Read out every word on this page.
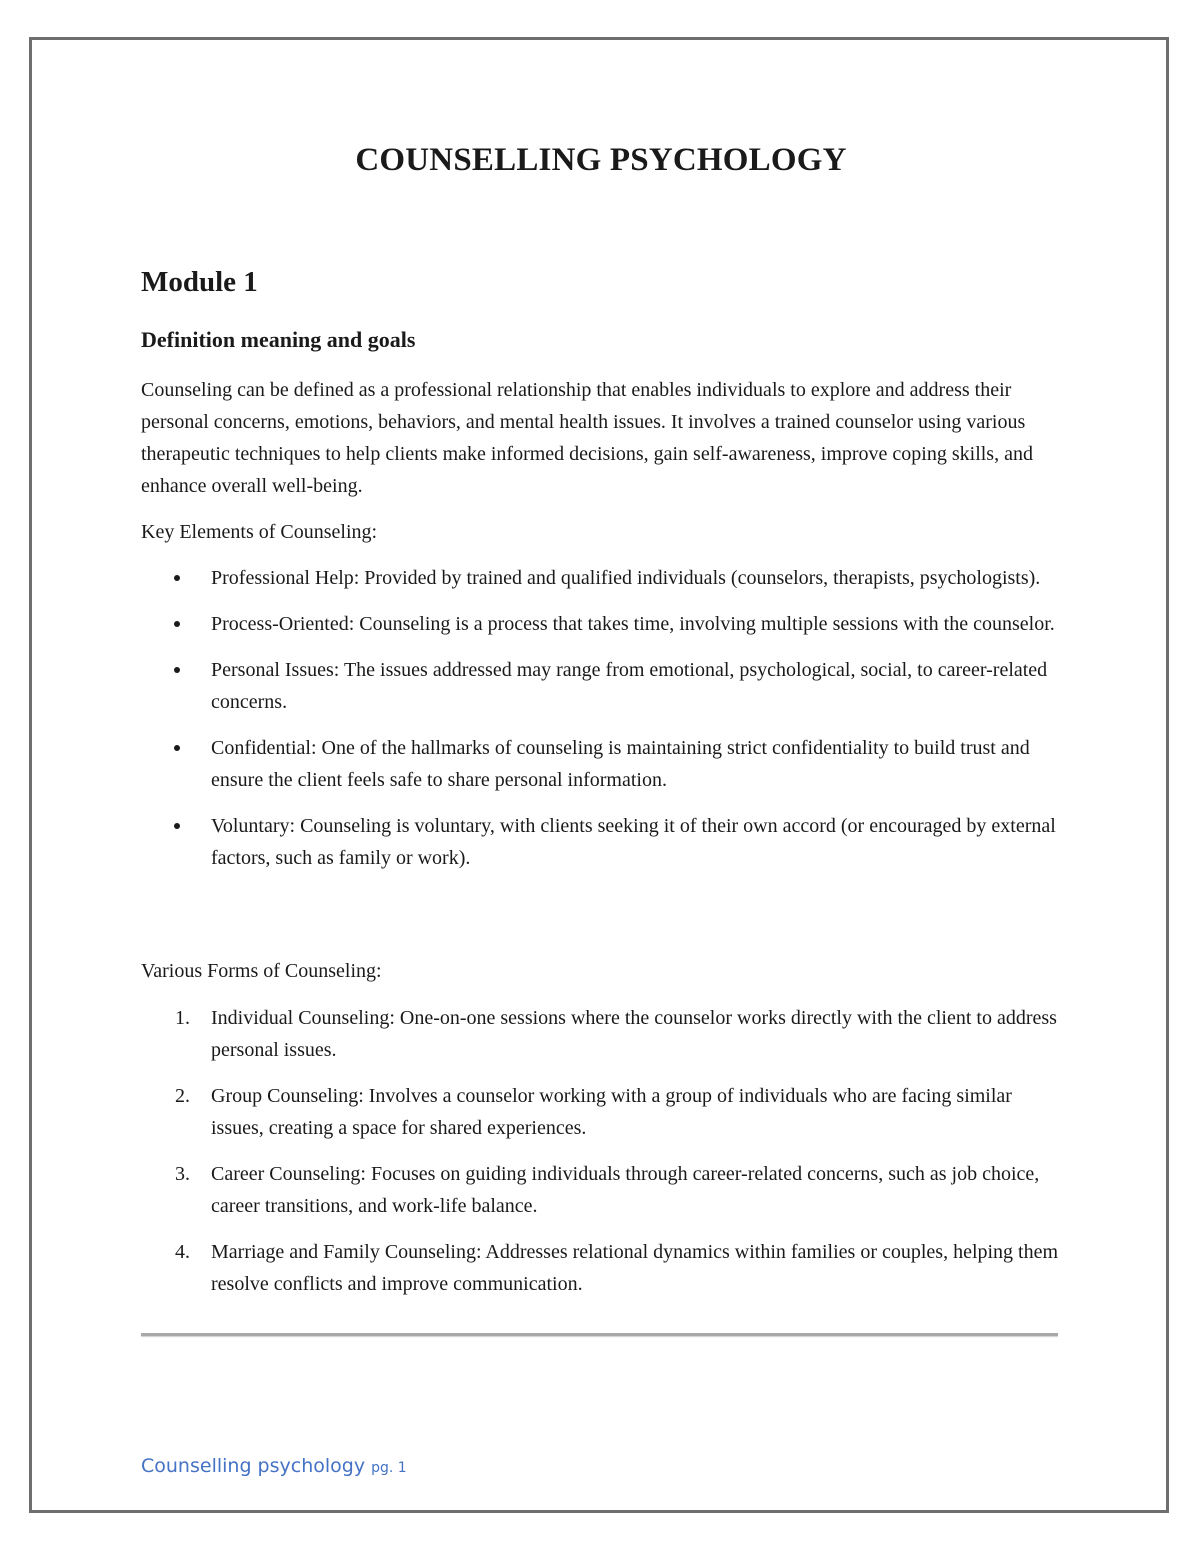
COUNSELLING PSYCHOLOGY
Module 1
Definition meaning and goals

Counseling can be defined as a professional relationship that enables individuals to explore and address their personal concerns, emotions, behaviors, and mental health issues. It involves a trained counselor using various therapeutic techniques to help clients make informed decisions, gain self-awareness, improve coping skills, and enhance overall well-being.

Key Elements of Counseling:

Professional Help: Provided by trained and qualified individuals (counselors, therapists, psychologists).
Process-Oriented: Counseling is a process that takes time, involving multiple sessions with the counselor.
Personal Issues: The issues addressed may range from emotional, psychological, social, to career-related concerns.
Confidential: One of the hallmarks of counseling is maintaining strict confidentiality to build trust and ensure the client feels safe to share personal information.
Voluntary: Counseling is voluntary, with clients seeking it of their own accord (or encouraged by external factors, such as family or work).

Various Forms of Counseling:

1. Individual Counseling: One-on-one sessions where the counselor works directly with the client to address personal issues.
2. Group Counseling: Involves a counselor working with a group of individuals who are facing similar issues, creating a space for shared experiences.
3. Career Counseling: Focuses on guiding individuals through career-related concerns, such as job choice, career transitions, and work-life balance.
4. Marriage and Family Counseling: Addresses relational dynamics within families or couples, helping them resolve conflicts and improve communication.

Counselling psychology pg. 1
